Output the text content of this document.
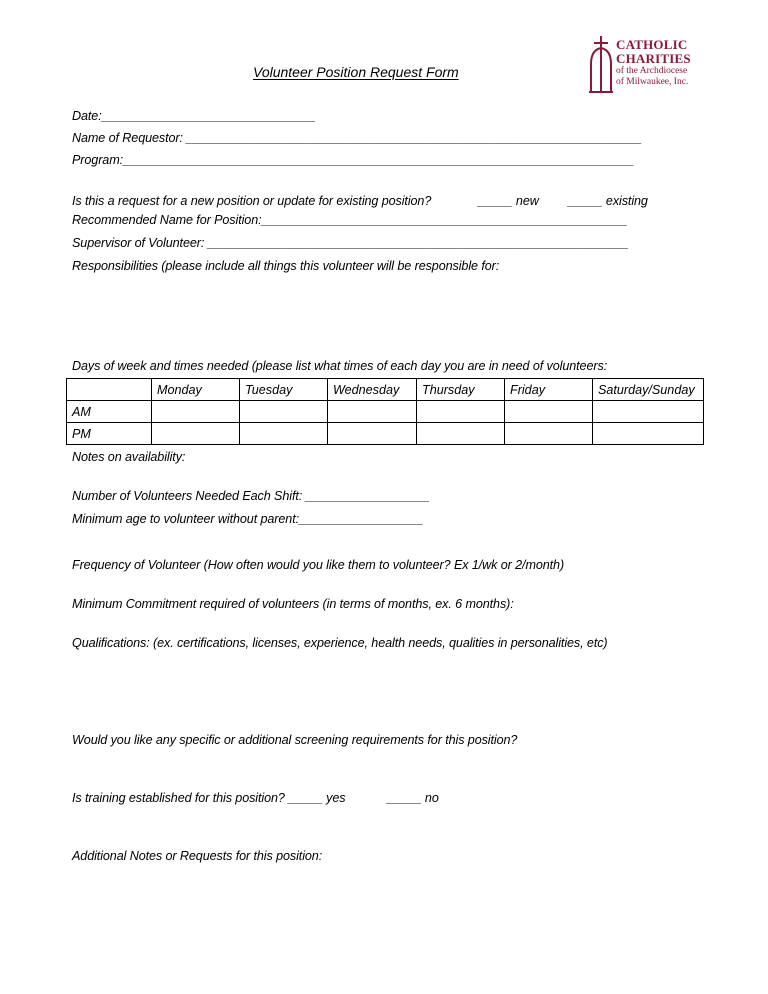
CATHOLIC
CHARITIES
of the Archdiocese
of Milwaukee, Inc.
Volunteer Position Request Form
Date:_______________________________
Name of Requestor: __________________________________________________________________
Program:__________________________________________________________________________
Is this a request for a new position or update for existing position?	_____ new _____ existing
Recommended Name for Position:_____________________________________________________
Supervisor of Volunteer: _____________________________________________________________
Responsibilities (please include all things this volunteer will be responsible for:
Days of week and times needed (please list what times of each day you are in need of volunteers:
	Monday	Tuesday	Wednesday	Thursday	Friday	Saturday/Sunday
AM						
PM						
Notes on availability:
Number of Volunteers Needed Each Shift: __________________
Minimum age to volunteer without parent:__________________
Frequency of Volunteer (How often would you like them to volunteer? Ex 1/wk or 2/month)
Minimum Commitment required of volunteers (in terms of months, ex. 6 months):
Qualifications: (ex. certifications, licenses, experience, health needs, qualities in personalities, etc)
Would you like any specific or additional screening requirements for this position?
Is training established for this position? _____ yes	_____ no
Additional Notes or Requests for this position:
